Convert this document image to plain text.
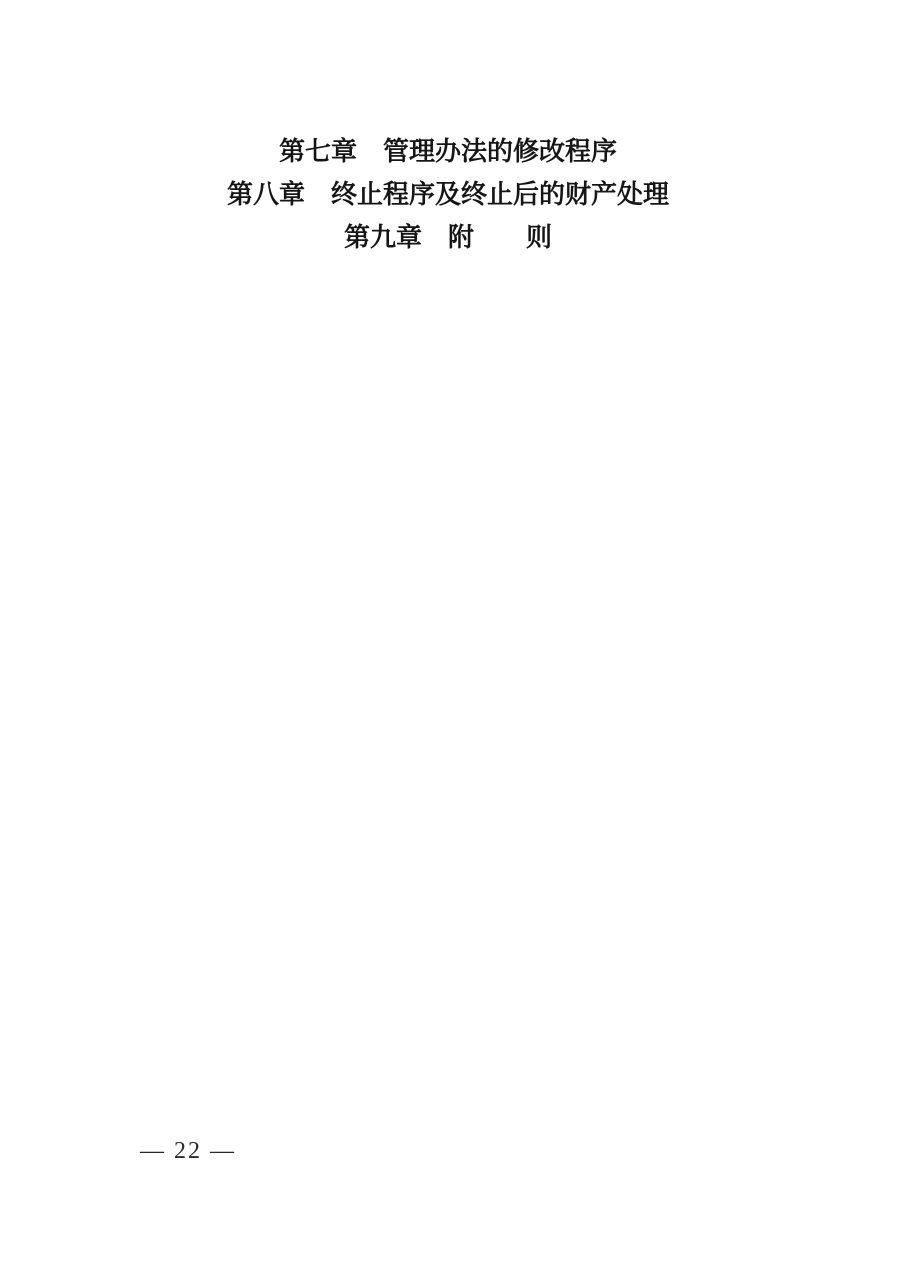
第七章　管理办法的修改程序
第八章　终止程序及终止后的财产处理
第九章　附　　则
— 22 —
